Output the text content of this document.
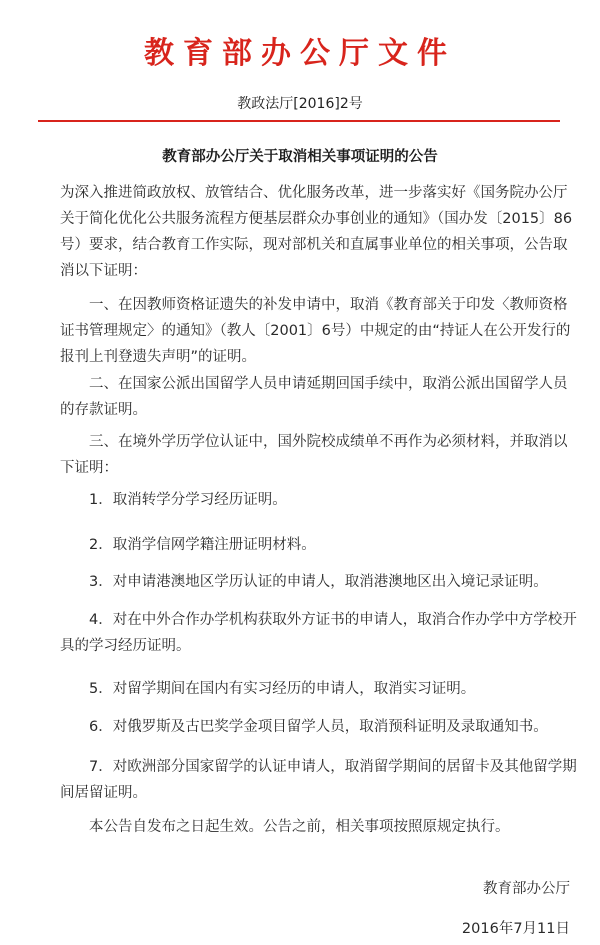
教育部办公厅文件
教政法厅[2016]2号
教育部办公厅关于取消相关事项证明的公告
为深入推进简政放权、放管结合、优化服务改革，进一步落实好《国务院办公厅关于简化优化公共服务流程方便基层群众办事创业的通知》（国办发〔2015〕86号）要求，结合教育工作实际，现对部机关和直属事业单位的相关事项，公告取消以下证明：
一、在因教师资格证遗失的补发申请中，取消《教育部关于印发〈教师资格证书管理规定〉的通知》（教人〔2001〕6号）中规定的由“持证人在公开发行的报刊上刊登遗失声明”的证明。
二、在国家公派出国留学人员申请延期回国手续中，取消公派出国留学人员的存款证明。
三、在境外学历学位认证中，国外院校成绩单不再作为必须材料，并取消以下证明：
1．取消转学分学习经历证明。
2．取消学信网学籍注册证明材料。
3．对申请港澳地区学历认证的申请人，取消港澳地区出入境记录证明。
4．对在中外合作办学机构获取外方证书的申请人，取消合作办学中方学校开具的学习经历证明。
5．对留学期间在国内有实习经历的申请人，取消实习证明。
6．对俄罗斯及古巴奖学金项目留学人员，取消预科证明及录取通知书。
7．对欧洲部分国家留学的认证申请人，取消留学期间的居留卡及其他留学期间居留证明。
本公告自发布之日起生效。公告之前，相关事项按照原规定执行。
教育部办公厅
2016年7月11日
